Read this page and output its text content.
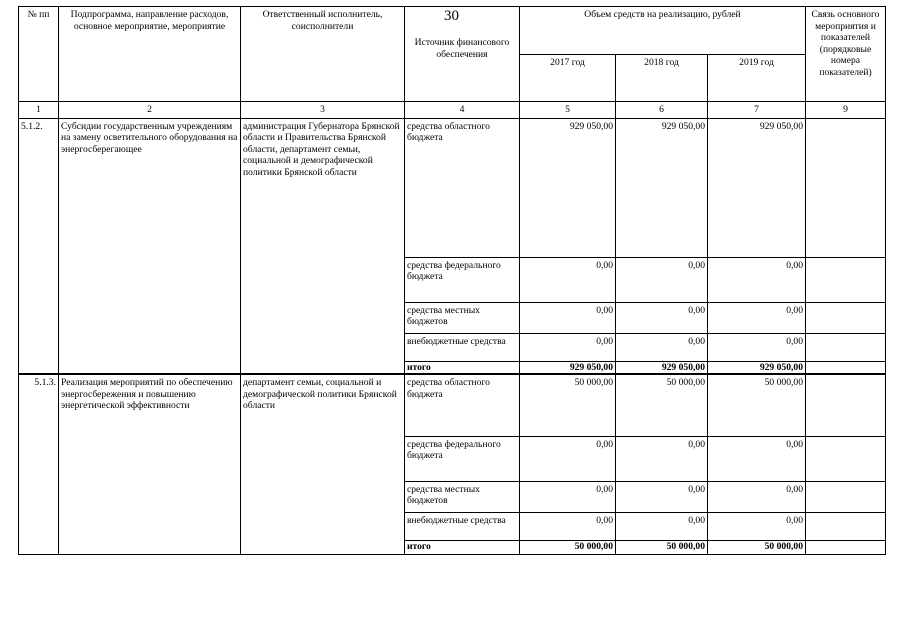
30
№ пп	Подпрограмма, направление расходов, основное мероприятие, мероприятие	Ответственный исполнитель, соисполнители	Источник финансового обеспечения	Объем средств на реализацию, рублей			Связь основного мероприятия и показателей (порядковые номера показателей)
				2017 год	2018 год	2019 год	
1	2	3	4	5	6	7	9
5.1.2.	Субсидии государственным учреждениям на замену осветительного оборудования на энергосберегающее	администрация Губернатора Брянской области и Правительства Брянской области, департамент семьи, социальной и демографической политики Брянской области	средства областного бюджета	929 050,00	929 050,00	929 050,00	
			средства федерального бюджета	0,00	0,00	0,00	
			средства местных бюджетов	0,00	0,00	0,00	
			внебюджетные средства	0,00	0,00	0,00	
			итого	929 050,00	929 050,00	929 050,00	
5.1.3.	Реализация мероприятий по обеспечению энергосбережения и повышению энергетической эффективности	департамент семьи, социальной и демографической политики Брянской области	средства областного бюджета	50 000,00	50 000,00	50 000,00	
			средства федерального бюджета	0,00	0,00	0,00	
			средства местных бюджетов	0,00	0,00	0,00	
			внебюджетные средства	0,00	0,00	0,00	
			итого	50 000,00	50 000,00	50 000,00	
